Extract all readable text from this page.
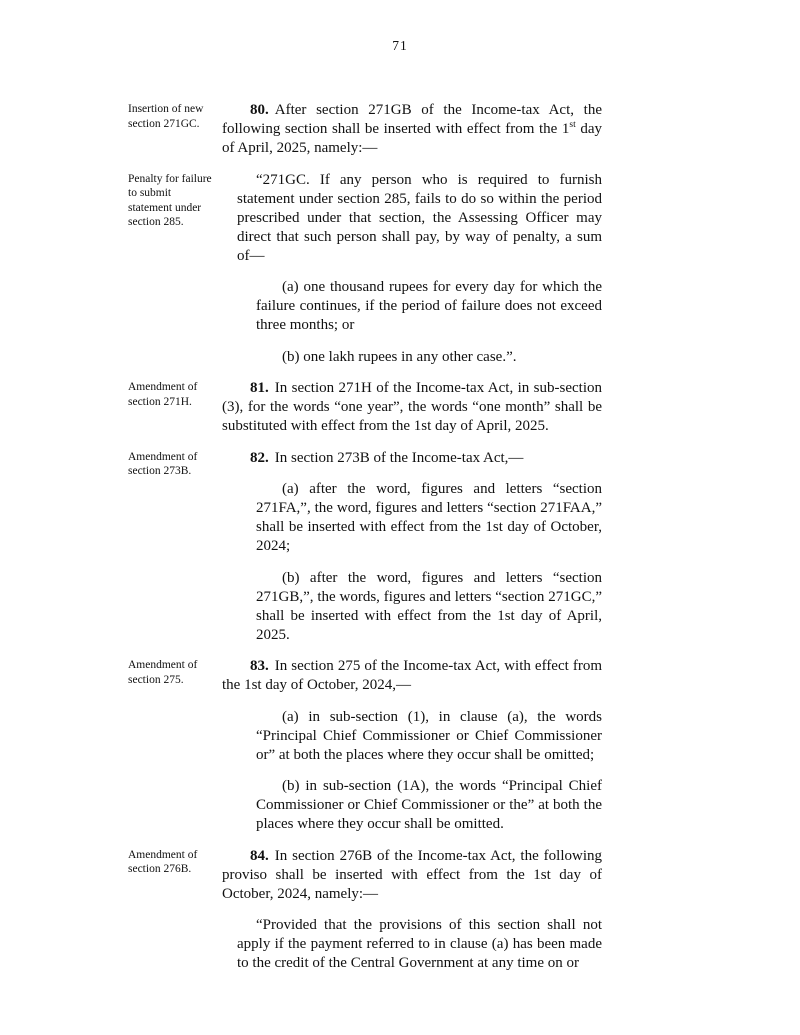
71

Insertion of new section 271GC.
80. After section 271GB of the Income-tax Act, the following section shall be inserted with effect from the 1st day of April, 2025, namely:—

Penalty for failure to submit statement under section 285.
“271GC. If any person who is required to furnish statement under section 285, fails to do so within the period prescribed under that section, the Assessing Officer may direct that such person shall pay, by way of penalty, a sum of—

(a) one thousand rupees for every day for which the failure continues, if the period of failure does not exceed three months; or

(b) one lakh rupees in any other case.”.

Amendment of section 271H.
81. In section 271H of the Income-tax Act, in sub-section (3), for the words “one year”, the words “one month” shall be substituted with effect from the 1st day of April, 2025.

Amendment of section 273B.
82. In section 273B of the Income-tax Act,—

(a) after the word, figures and letters “section 271FA,”, the word, figures and letters “section 271FAA,” shall be inserted with effect from the 1st day of October, 2024;

(b) after the word, figures and letters “section 271GB,”, the words, figures and letters “section 271GC,” shall be inserted with effect from the 1st day of April, 2025.

Amendment of section 275.
83. In section 275 of the Income-tax Act, with effect from the 1st day of October, 2024,—

(a) in sub-section (1), in clause (a), the words “Principal Chief Commissioner or Chief Commissioner or” at both the places where they occur shall be omitted;

(b) in sub-section (1A), the words “Principal Chief Commissioner or Chief Commissioner or the” at both the places where they occur shall be omitted.

Amendment of section 276B.
84. In section 276B of the Income-tax Act, the following proviso shall be inserted with effect from the 1st day of October, 2024, namely:—

“Provided that the provisions of this section shall not apply if the payment referred to in clause (a) has been made to the credit of the Central Government at any time on or
